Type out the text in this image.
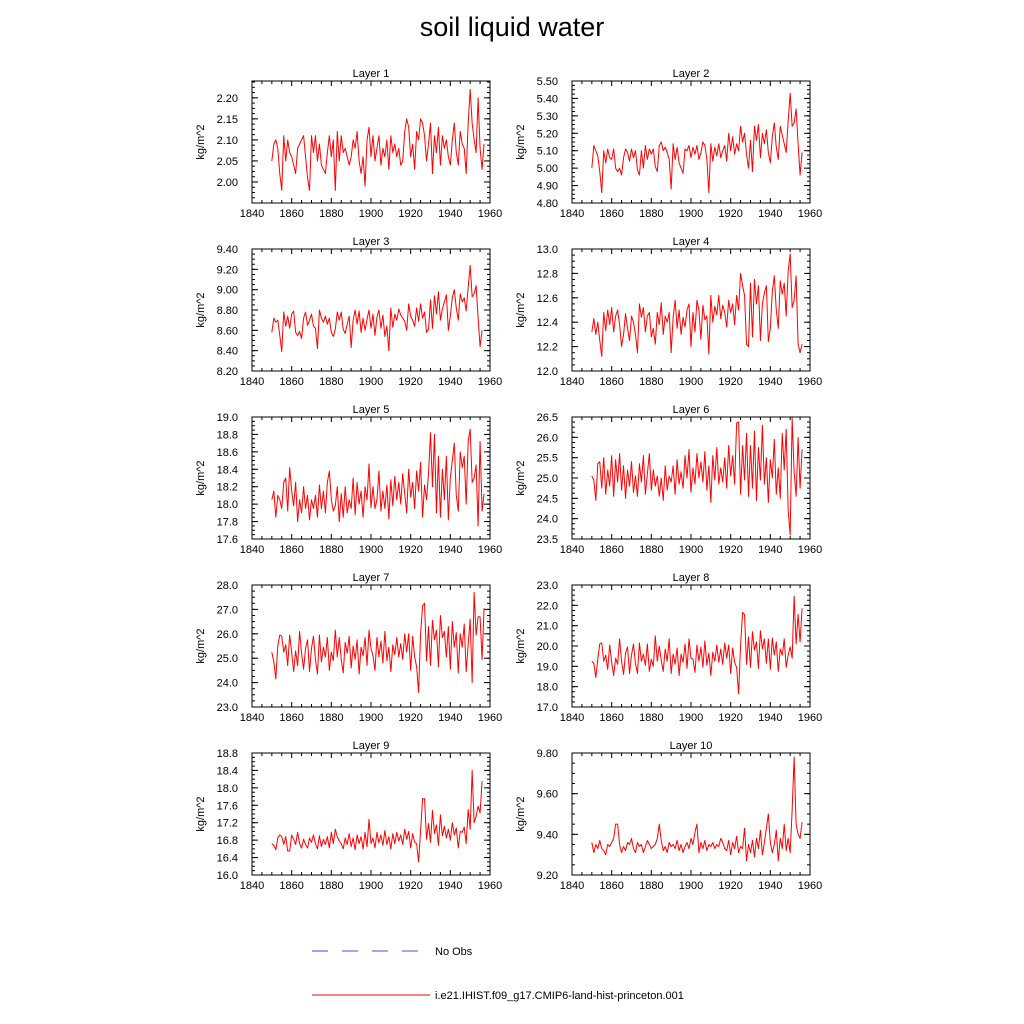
soil liquid water
Layer 1
kg/m^2
1840 1860 1880 1900 1920 1940 1960
2.00
2.05
2.10
2.15
2.20
Layer 2
kg/m^2
1840 1860 1880 1900 1920 1940 1960
4.80
4.90
5.00
5.10
5.20
5.30
5.40
5.50
Layer 3
kg/m^2
1840 1860 1880 1900 1920 1940 1960
8.20
8.40
8.60
8.80
9.00
9.20
9.40
Layer 4
kg/m^2
1840 1860 1880 1900 1920 1940 1960
12.0
12.2
12.4
12.6
12.8
13.0
Layer 5
kg/m^2
1840 1860 1880 1900 1920 1940 1960
17.6
17.8
18.0
18.2
18.4
18.6
18.8
19.0
Layer 6
kg/m^2
1840 1860 1880 1900 1920 1940 1960
23.5
24.0
24.5
25.0
25.5
26.0
26.5
Layer 7
kg/m^2
1840 1860 1880 1900 1920 1940 1960
23.0
24.0
25.0
26.0
27.0
28.0
Layer 8
kg/m^2
1840 1860 1880 1900 1920 1940 1960
17.0
18.0
19.0
20.0
21.0
22.0
23.0
Layer 9
kg/m^2
1840 1860 1880 1900 1920 1940 1960
16.0
16.4
16.8
17.2
17.6
18.0
18.4
18.8
Layer 10
kg/m^2
1840 1860 1880 1900 1920 1940 1960
9.20
9.40
9.60
9.80
No Obs
i.e21.IHIST.f09_g17.CMIP6-land-hist-princeton.001
